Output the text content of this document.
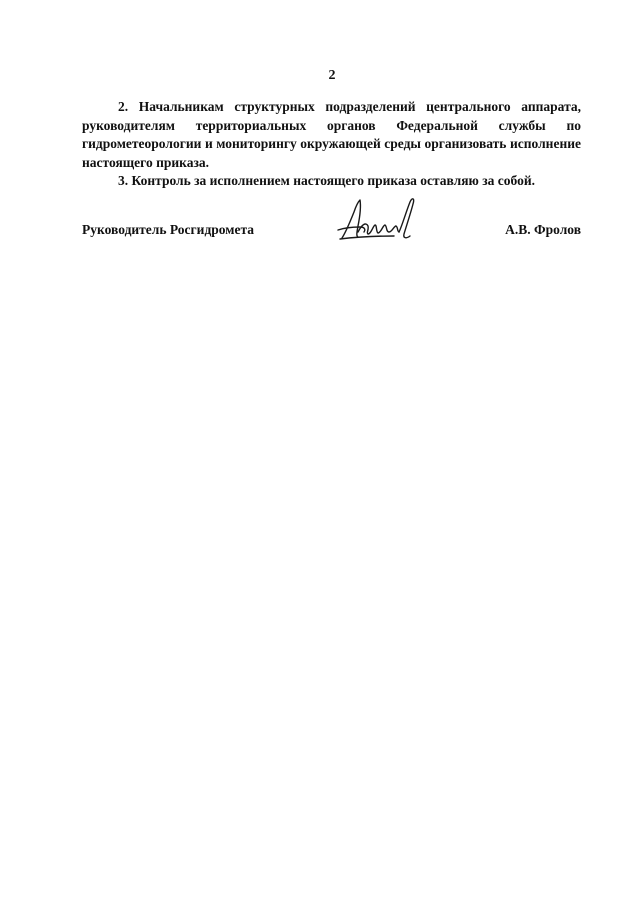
2

2. Начальникам структурных подразделений центрального аппарата, руководителям территориальных органов Федеральной службы по гидрометеорологии и мониторингу окружающей среды организовать исполнение настоящего приказа.

3. Контроль за исполнением настоящего приказа оставляю за собой.

Руководитель Росгидромета	А.В. Фролов
